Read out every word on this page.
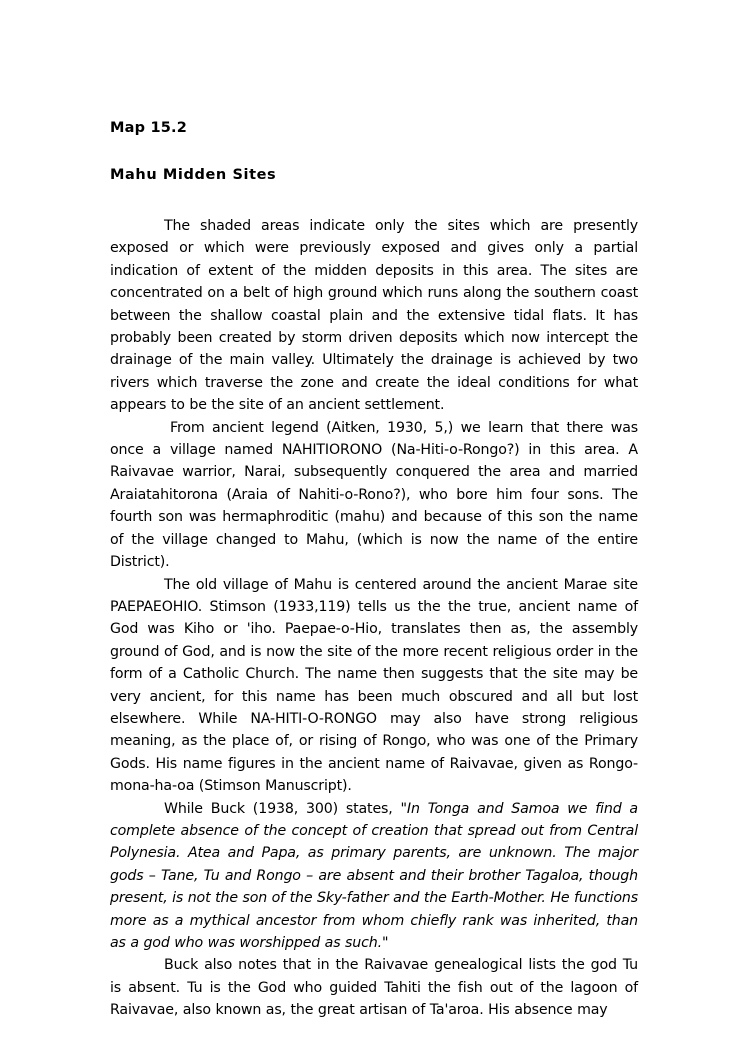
Map 15.2
Mahu Midden Sites

The shaded areas indicate only the sites which are presently exposed or which were previously exposed and gives only a partial indication of extent of the midden deposits in this area. The sites are concentrated on a belt of high ground which runs along the southern coast between the shallow coastal plain and the extensive tidal flats. It has probably been created by storm driven deposits which now intercept the drainage of the main valley. Ultimately the drainage is achieved by two rivers which traverse the zone and create the ideal conditions for what appears to be the site of an ancient settlement.

From ancient legend (Aitken, 1930, 5,) we learn that there was once a village named NAHITIORONO (Na-Hiti-o-Rongo?) in this area. A Raivavae warrior, Narai, subsequently conquered the area and married Araiatahitorona (Araia of Nahiti-o-Rono?), who bore him four sons. The fourth son was hermaphroditic (mahu) and because of this son the name of the village changed to Mahu, (which is now the name of the entire District).

The old village of Mahu is centered around the ancient Marae site PAEPAEOHIO. Stimson (1933,119) tells us the the true, ancient name of God was Kiho or 'iho. Paepae-o-Hio, translates then as, the assembly ground of God, and is now the site of the more recent religious order in the form of a Catholic Church. The name then suggests that the site may be very ancient, for this name has been much obscured and all but lost elsewhere. While NA-HITI-O-RONGO may also have strong religious meaning, as the place of, or rising of Rongo, who was one of the Primary Gods. His name figures in the ancient name of Raivavae, given as Rongo-mona-ha-oa (Stimson Manuscript).

While Buck (1938, 300) states, "In Tonga and Samoa we find a complete absence of the concept of creation that spread out from Central Polynesia. Atea and Papa, as primary parents, are unknown. The major gods – Tane, Tu and Rongo – are absent and their brother Tagaloa, though present, is not the son of the Sky-father and the Earth-Mother. He functions more as a mythical ancestor from whom chiefly rank was inherited, than as a god who was worshipped as such."

Buck also notes that in the Raivavae genealogical lists the god Tu is absent. Tu is the God who guided Tahiti the fish out of the lagoon of Raivavae, also known as, the great artisan of Ta'aroa. His absence may
